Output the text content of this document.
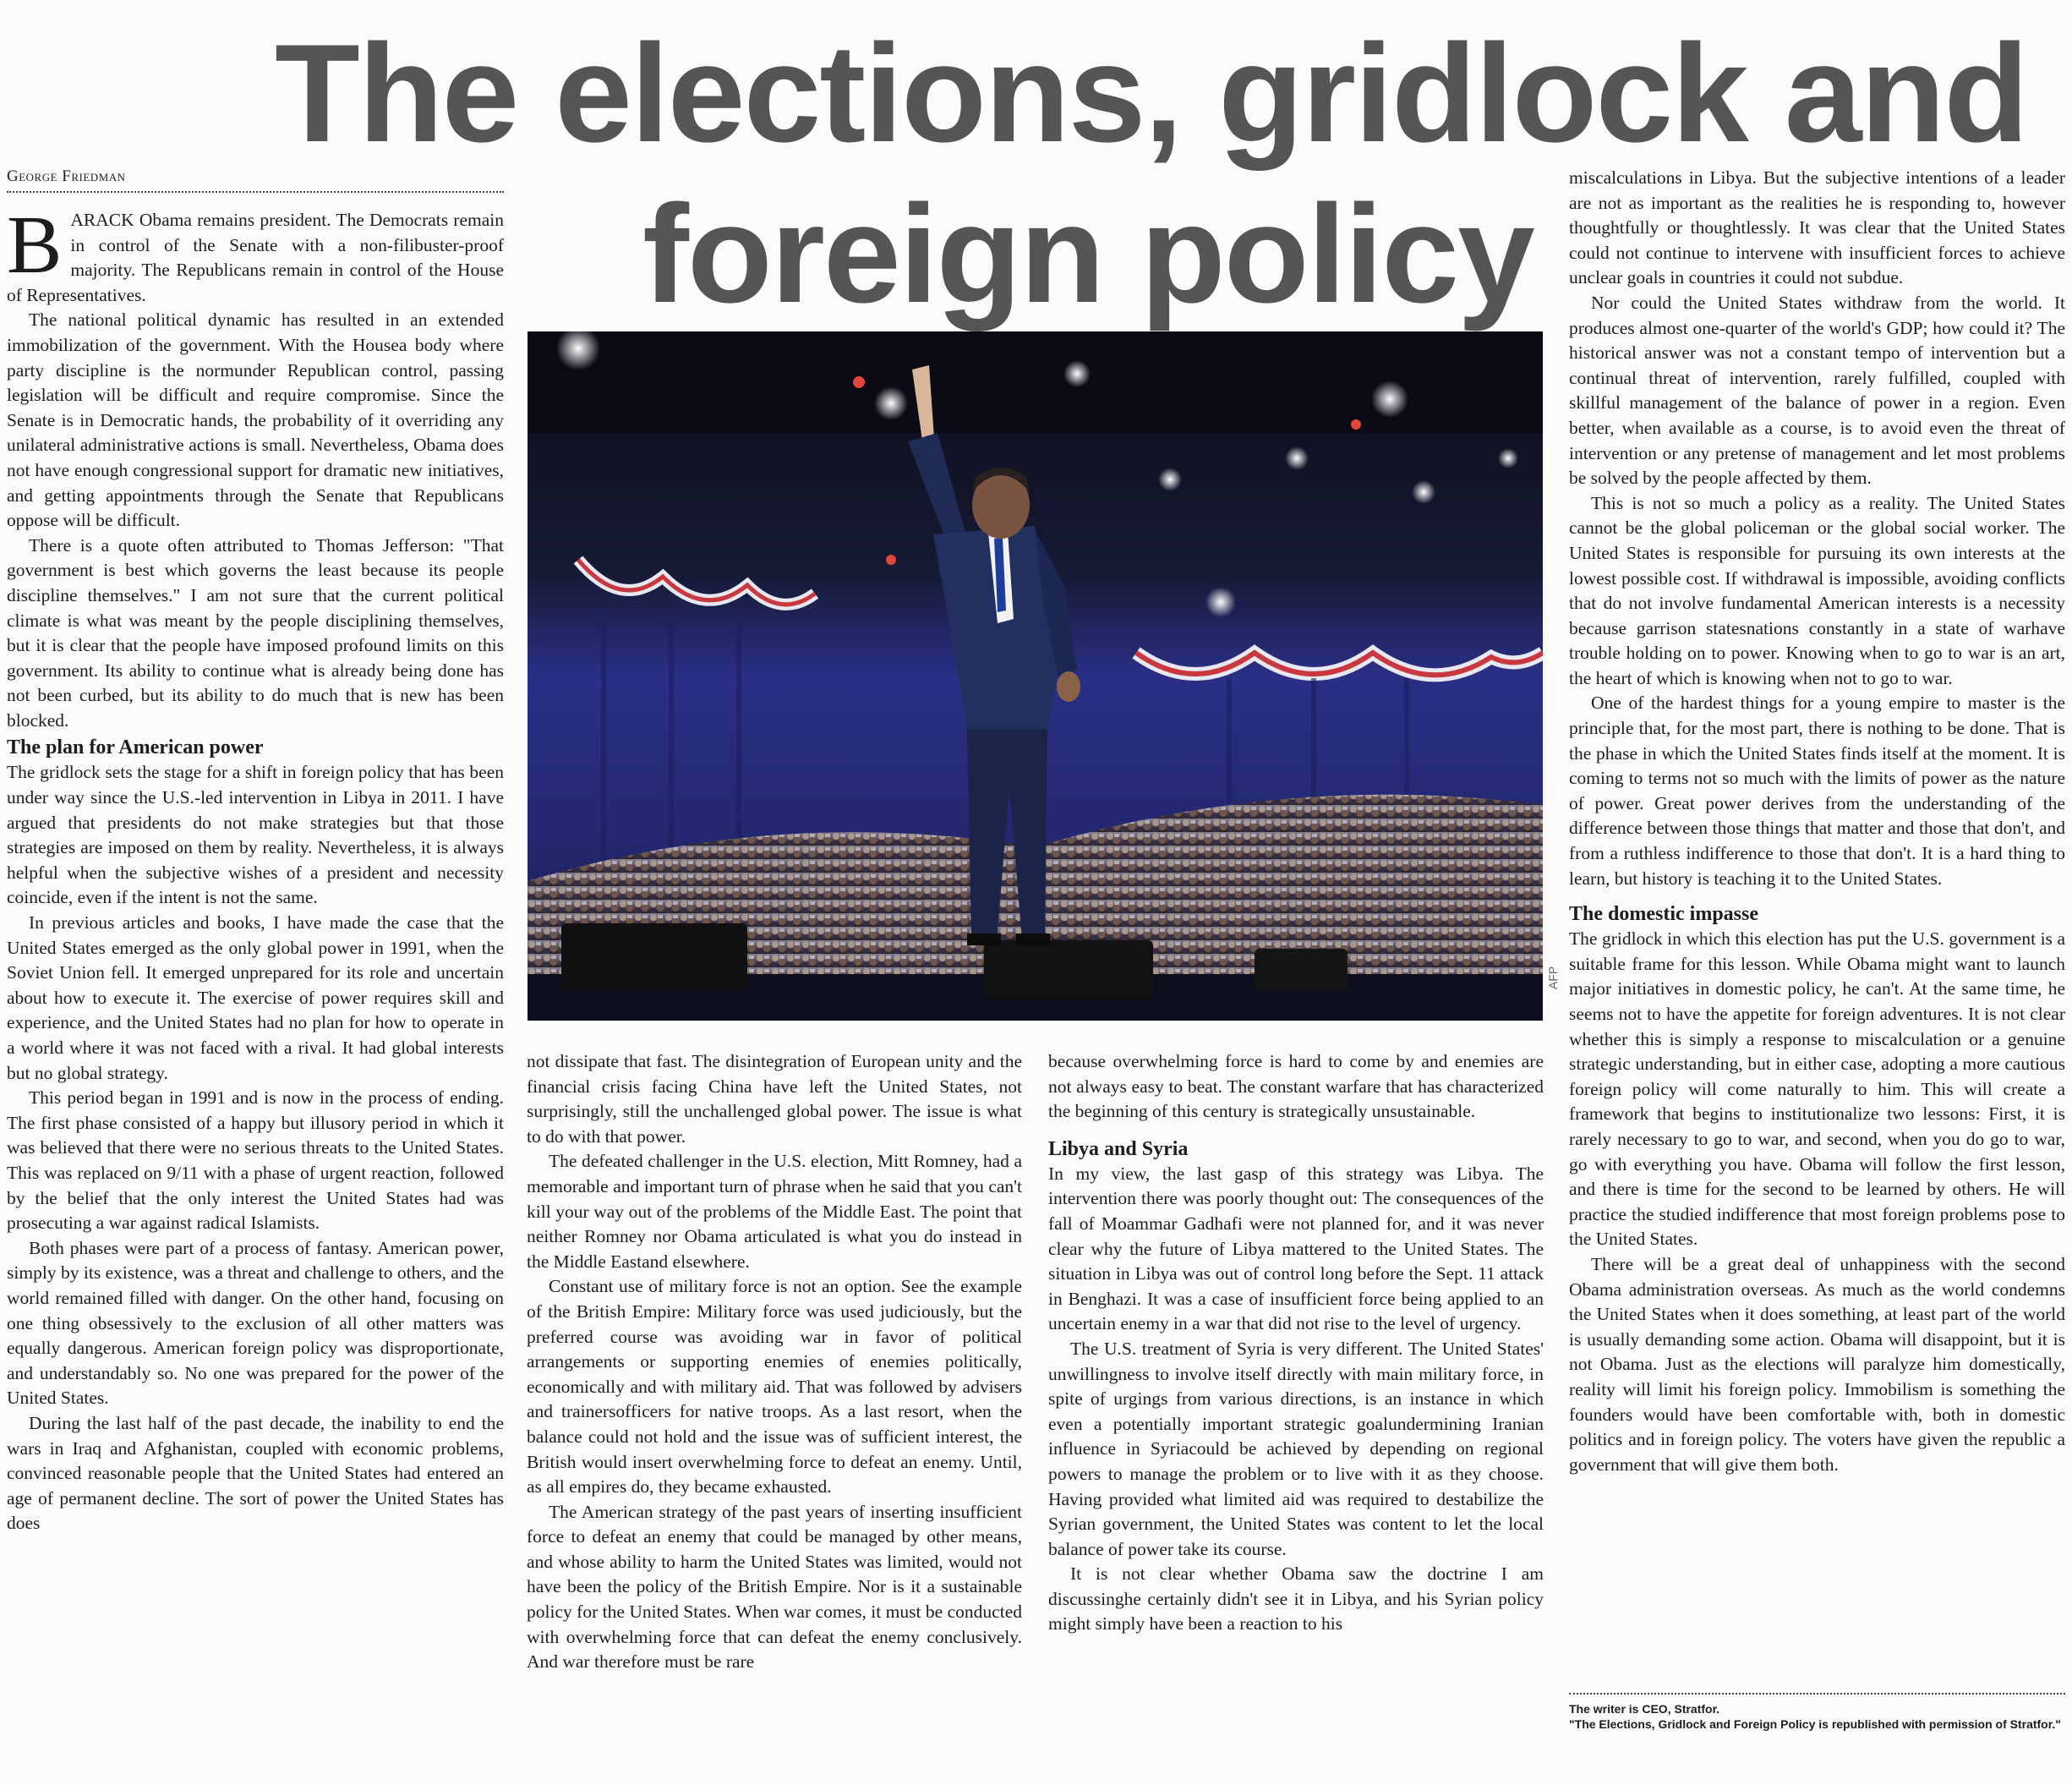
The elections, gridlock and
foreign policy
George Friedman

BARACK Obama remains president. The Democrats remain in control of the Senate with a non-filibuster-proof majority. The Republicans remain in control of the House of Representatives.

The national political dynamic has resulted in an extended immobilization of the government. With the Housea body where party discipline is the normunder Republican control, passing legislation will be difficult and require compromise. Since the Senate is in Democratic hands, the probability of it overriding any unilateral administrative actions is small. Nevertheless, Obama does not have enough congressional support for dramatic new initiatives, and getting appointments through the Senate that Republicans oppose will be difficult.

There is a quote often attributed to Thomas Jefferson: "That government is best which governs the least because its people discipline themselves." I am not sure that the current political climate is what was meant by the people disciplining themselves, but it is clear that the people have imposed profound limits on this government. Its ability to continue what is already being done has not been curbed, but its ability to do much that is new has been blocked.

The plan for American power

The gridlock sets the stage for a shift in foreign policy that has been under way since the U.S.-led intervention in Libya in 2011. I have argued that presidents do not make strategies but that those strategies are imposed on them by reality. Nevertheless, it is always helpful when the subjective wishes of a president and necessity coincide, even if the intent is not the same.

In previous articles and books, I have made the case that the United States emerged as the only global power in 1991, when the Soviet Union fell. It emerged unprepared for its role and uncertain about how to execute it. The exercise of power requires skill and experience, and the United States had no plan for how to operate in a world where it was not faced with a rival. It had global interests but no global strategy.

This period began in 1991 and is now in the process of ending. The first phase consisted of a happy but illusory period in which it was believed that there were no serious threats to the United States. This was replaced on 9/11 with a phase of urgent reaction, followed by the belief that the only interest the United States had was prosecuting a war against radical Islamists.

Both phases were part of a process of fantasy. American power, simply by its existence, was a threat and challenge to others, and the world remained filled with danger. On the other hand, focusing on one thing obsessively to the exclusion of all other matters was equally dangerous. American foreign policy was disproportionate, and understandably so. No one was prepared for the power of the United States.

During the last half of the past decade, the inability to end the wars in Iraq and Afghanistan, coupled with economic problems, convinced reasonable people that the United States had entered an age of permanent decline. The sort of power the United States has does

AFP

not dissipate that fast. The disintegration of European unity and the financial crisis facing China have left the United States, not surprisingly, still the unchallenged global power. The issue is what to do with that power.

The defeated challenger in the U.S. election, Mitt Romney, had a memorable and important turn of phrase when he said that you can't kill your way out of the problems of the Middle East. The point that neither Romney nor Obama articulated is what you do instead in the Middle Eastand elsewhere.

Constant use of military force is not an option. See the example of the British Empire: Military force was used judiciously, but the preferred course was avoiding war in favor of political arrangements or supporting enemies of enemies politically, economically and with military aid. That was followed by advisers and trainersofficers for native troops. As a last resort, when the balance could not hold and the issue was of sufficient interest, the British would insert overwhelming force to defeat an enemy. Until, as all empires do, they became exhausted.

The American strategy of the past years of inserting insufficient force to defeat an enemy that could be managed by other means, and whose ability to harm the United States was limited, would not have been the policy of the British Empire. Nor is it a sustainable policy for the United States. When war comes, it must be conducted with overwhelming force that can defeat the enemy conclusively. And war therefore must be rare

because overwhelming force is hard to come by and enemies are not always easy to beat. The constant warfare that has characterized the beginning of this century is strategically unsustainable.

Libya and Syria

In my view, the last gasp of this strategy was Libya. The intervention there was poorly thought out: The consequences of the fall of Moammar Gadhafi were not planned for, and it was never clear why the future of Libya mattered to the United States. The situation in Libya was out of control long before the Sept. 11 attack in Benghazi. It was a case of insufficient force being applied to an uncertain enemy in a war that did not rise to the level of urgency.

The U.S. treatment of Syria is very different. The United States' unwillingness to involve itself directly with main military force, in spite of urgings from various directions, is an instance in which even a potentially important strategic goalundermining Iranian influence in Syriacould be achieved by depending on regional powers to manage the problem or to live with it as they choose. Having provided what limited aid was required to destabilize the Syrian government, the United States was content to let the local balance of power take its course.

It is not clear whether Obama saw the doctrine I am discussinghe certainly didn't see it in Libya, and his Syrian policy might simply have been a reaction to his

miscalculations in Libya. But the subjective intentions of a leader are not as important as the realities he is responding to, however thoughtfully or thoughtlessly. It was clear that the United States could not continue to intervene with insufficient forces to achieve unclear goals in countries it could not subdue.

Nor could the United States withdraw from the world. It produces almost one-quarter of the world's GDP; how could it? The historical answer was not a constant tempo of intervention but a continual threat of intervention, rarely fulfilled, coupled with skillful management of the balance of power in a region. Even better, when available as a course, is to avoid even the threat of intervention or any pretense of management and let most problems be solved by the people affected by them.

This is not so much a policy as a reality. The United States cannot be the global policeman or the global social worker. The United States is responsible for pursuing its own interests at the lowest possible cost. If withdrawal is impossible, avoiding conflicts that do not involve fundamental American interests is a necessity because garrison statesnations constantly in a state of warhave trouble holding on to power. Knowing when to go to war is an art, the heart of which is knowing when not to go to war.

One of the hardest things for a young empire to master is the principle that, for the most part, there is nothing to be done. That is the phase in which the United States finds itself at the moment. It is coming to terms not so much with the limits of power as the nature of power. Great power derives from the understanding of the difference between those things that matter and those that don't, and from a ruthless indifference to those that don't. It is a hard thing to learn, but history is teaching it to the United States.

The domestic impasse

The gridlock in which this election has put the U.S. government is a suitable frame for this lesson. While Obama might want to launch major initiatives in domestic policy, he can't. At the same time, he seems not to have the appetite for foreign adventures. It is not clear whether this is simply a response to miscalculation or a genuine strategic understanding, but in either case, adopting a more cautious foreign policy will come naturally to him. This will create a framework that begins to institutionalize two lessons: First, it is rarely necessary to go to war, and second, when you do go to war, go with everything you have. Obama will follow the first lesson, and there is time for the second to be learned by others. He will practice the studied indifference that most foreign problems pose to the United States.

There will be a great deal of unhappiness with the second Obama administration overseas. As much as the world condemns the United States when it does something, at least part of the world is usually demanding some action. Obama will disappoint, but it is not Obama. Just as the elections will paralyze him domestically, reality will limit his foreign policy. Immobilism is something the founders would have been comfortable with, both in domestic politics and in foreign policy. The voters have given the republic a government that will give them both.

The writer is CEO, Stratfor.
"The Elections, Gridlock and Foreign Policy is republished with permission of Stratfor."
